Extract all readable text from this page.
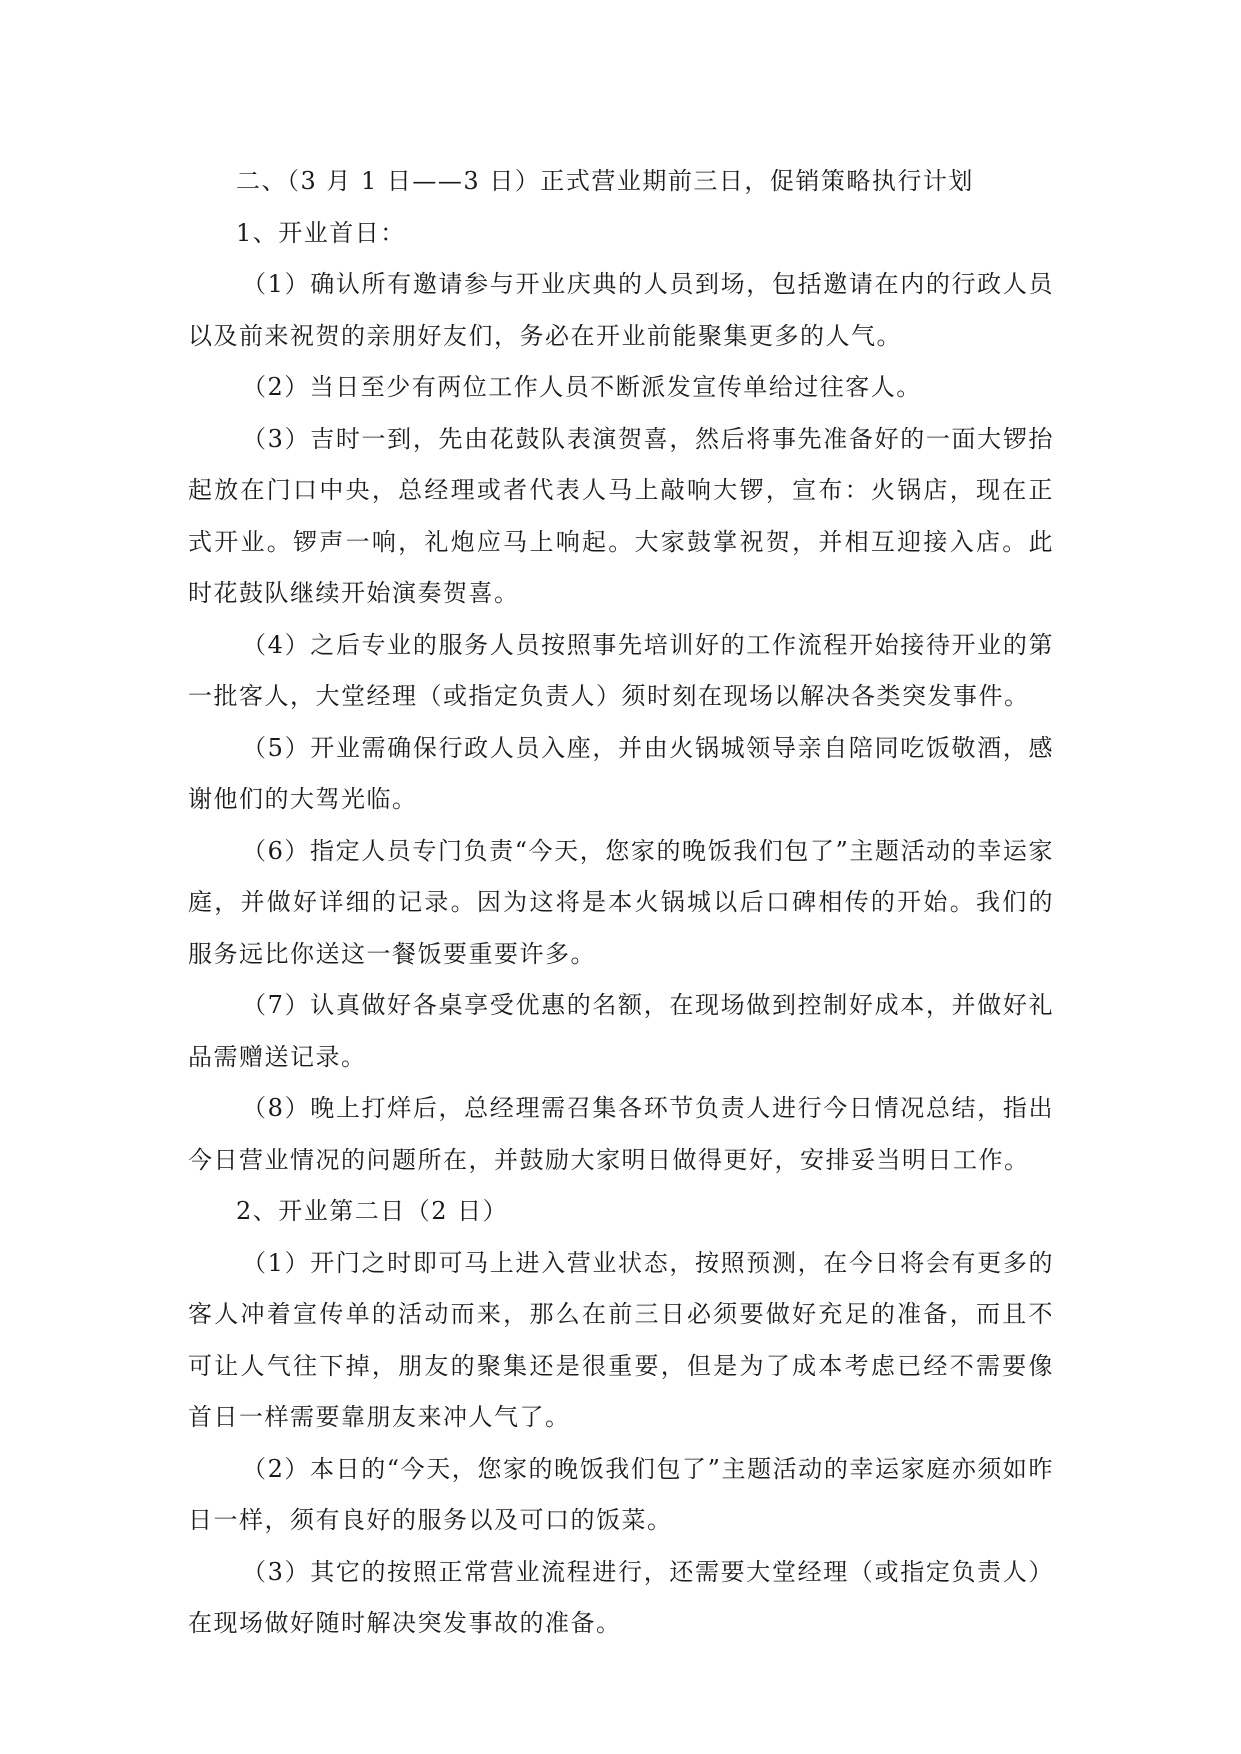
二、（3 月 1 日——3 日）正式营业期前三日，促销策略执行计划

1、开业首日：

（1）确认所有邀请参与开业庆典的人员到场，包括邀请在内的行政人员以及前来祝贺的亲朋好友们，务必在开业前能聚集更多的人气。

（2）当日至少有两位工作人员不断派发宣传单给过往客人。

（3）吉时一到，先由花鼓队表演贺喜，然后将事先准备好的一面大锣抬起放在门口中央，总经理或者代表人马上敲响大锣，宣布：火锅店，现在正式开业。锣声一响，礼炮应马上响起。大家鼓掌祝贺，并相互迎接入店。此时花鼓队继续开始演奏贺喜。

（4）之后专业的服务人员按照事先培训好的工作流程开始接待开业的第一批客人，大堂经理（或指定负责人）须时刻在现场以解决各类突发事件。

（5）开业需确保行政人员入座，并由火锅城领导亲自陪同吃饭敬酒，感谢他们的大驾光临。

（6）指定人员专门负责“今天，您家的晚饭我们包了”主题活动的幸运家庭，并做好详细的记录。因为这将是本火锅城以后口碑相传的开始。我们的服务远比你送这一餐饭要重要许多。

（7）认真做好各桌享受优惠的名额，在现场做到控制好成本，并做好礼品需赠送记录。

（8）晚上打烊后，总经理需召集各环节负责人进行今日情况总结，指出今日营业情况的问题所在，并鼓励大家明日做得更好，安排妥当明日工作。

2、开业第二日（2 日）

（1）开门之时即可马上进入营业状态，按照预测，在今日将会有更多的客人冲着宣传单的活动而来，那么在前三日必须要做好充足的准备，而且不可让人气往下掉，朋友的聚集还是很重要，但是为了成本考虑已经不需要像首日一样需要靠朋友来冲人气了。

（2）本日的“今天，您家的晚饭我们包了”主题活动的幸运家庭亦须如昨日一样，须有良好的服务以及可口的饭菜。

（3）其它的按照正常营业流程进行，还需要大堂经理（或指定负责人）在现场做好随时解决突发事故的准备。
